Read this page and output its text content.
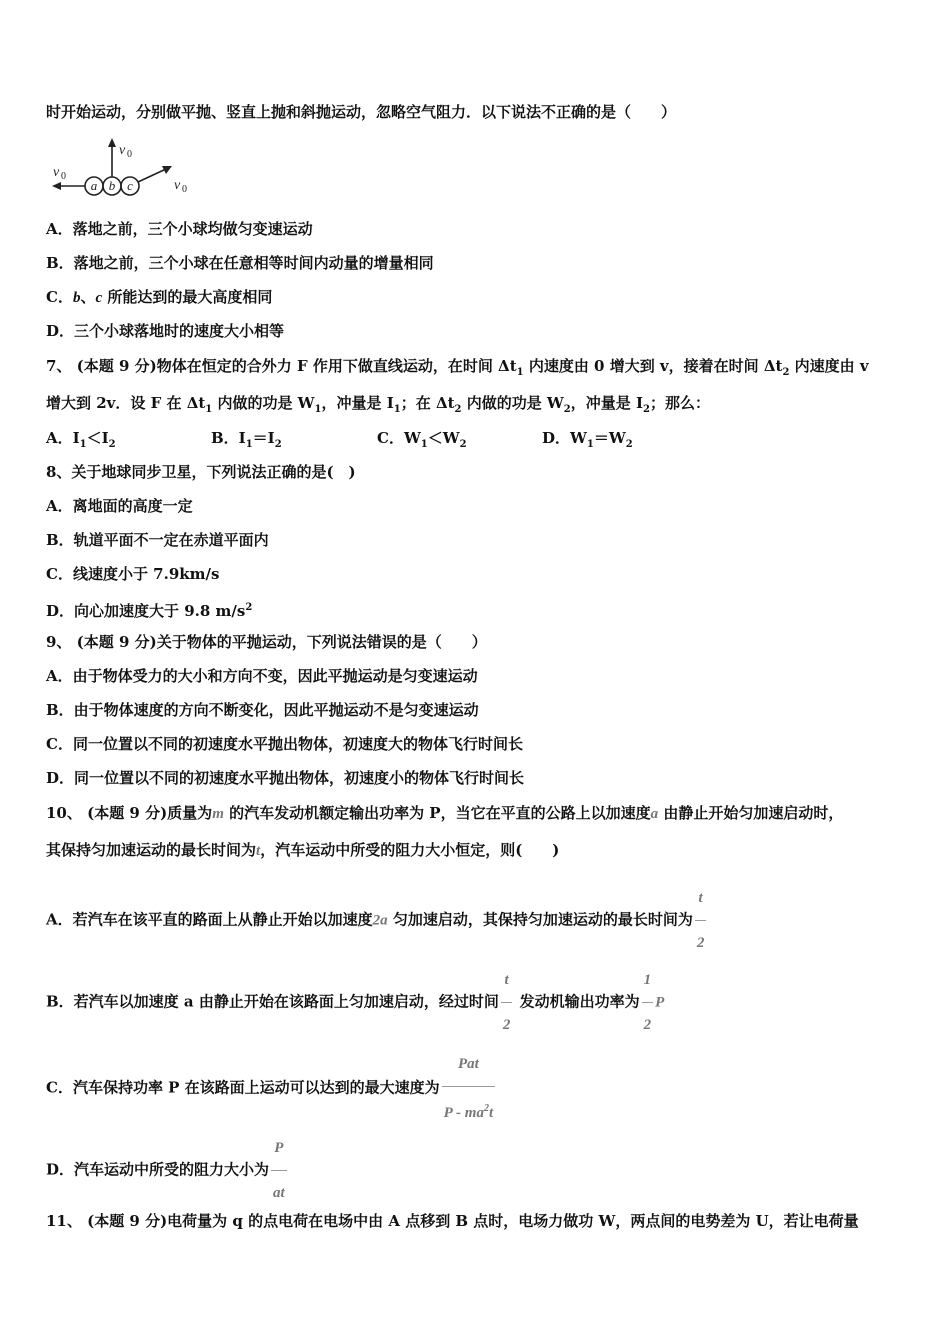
时开始运动，分别做平抛、竖直上抛和斜抛运动，忽略空气阻力．以下说法不正确的是（　　）
a b c
v 0
v 0
v 0
A．落地之前，三个小球均做匀变速运动
B．落地之前，三个小球在任意相等时间内动量的增量相同
C．b、c 所能达到的最大高度相同
D．三个小球落地时的速度大小相等
7、 (本题 9 分)物体在恒定的合外力 F 作用下做直线运动，在时间 $\Delta t_1$ 内速度由 0 增大到 v，接着在时间 $\Delta t_2$ 内速度由 v
增大到 2v．设 F 在 $\Delta t_1$ 内做的功是 $W_1$，冲量是 $I_1$；在 $\Delta t_2$ 内做的功是 $W_2$，冲量是 $I_2$；那么：
A．$I_1<I_2$	B．$I_1=I_2$	C．$W_1<W_2$	D．$W_1=W_2$
8、关于地球同步卫星，下列说法正确的是(　)
A．离地面的高度一定
B．轨道平面不一定在赤道平面内
C．线速度小于 7.9km/s
D．向心加速度大于 9.8 $m/s^2$
9、 (本题 9 分)关于物体的平抛运动，下列说法错误的是（　　）
A．由于物体受力的大小和方向不变，因此平抛运动是匀变速运动
B．由于物体速度的方向不断变化，因此平抛运动不是匀变速运动
C．同一位置以不同的初速度水平抛出物体，初速度大的物体飞行时间长
D．同一位置以不同的初速度水平抛出物体，初速度小的物体飞行时间长
10、 (本题 9 分)质量为m 的汽车发动机额定输出功率为 P，当它在平直的公路上以加速度a 由静止开始匀加速启动时，
其保持匀加速运动的最长时间为t，汽车运动中所受的阻力大小恒定，则(　　)
A．若汽车在该平直的路面上从静止开始以加速度2a 匀加速启动，其保持匀加速运动的最长时间为 $\frac{t}{2}$
B．若汽车以加速度 a 由静止开始在该路面上匀加速启动，经过时间 $\frac{t}{2}$ 发动机输出功率为 $\frac{1}{2}$ P
C．汽车保持功率 P 在该路面上运动可以达到的最大速度为 $\frac{\text{Pat}}{P - ma^2t}$
D．汽车运动中所受的阻力大小为 $\frac{P}{at}$
11、 (本题 9 分)电荷量为 q 的点电荷在电场中由 A 点移到 B 点时，电场力做功 W，两点间的电势差为 U，若让电荷量
